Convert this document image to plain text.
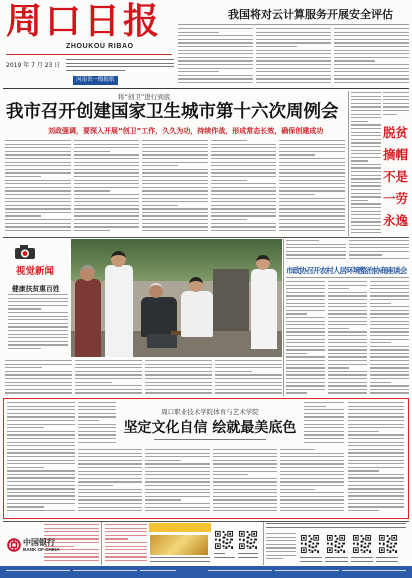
周口日报
ZHOUKOU RIBAO
2019 年 7 月 23 日
河南省一级报纸
我国将对云计算服务开展安全评估
将“创卫”进行到底
我市召开创建国家卫生城市第十六次周例会
刘政强调，要深入开展“创卫”工作，久久为功，持续作战，形成常态长效，确保创建成功	脱贫摘帽不是一劳永逸
视觉新闻
健康扶贫惠百姓
市政协召开农村人居环境整治协商座谈会
周口职业技术学院体育与艺术学院
坚定文化自信 绘就最美底色
中国银行
BANK OF CHINA
